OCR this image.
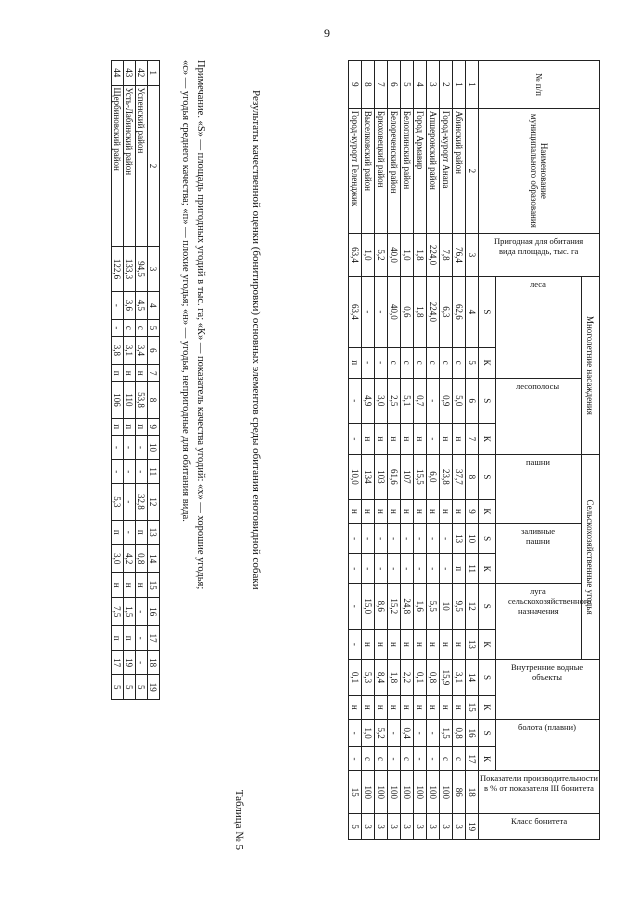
9
1	2	3	4	5	6	7	8	9	10	11	12	13	14	15	16	17	18	19
42	Успенский район	94,5	4,5	с	3,4	н	53,8	п	-	-	32,8	п	0,8	н	-	-	-	5
43	Усть-Лабинский район	133,3	3,6	с	3,1	н	110	п	-	-	-	-	4,2	н	1,5	п	19	5
44	Щербиновский район	122,6	-	-	3,8	п	106	п	-	-	5,3	п	3,0	н	7,5	п	17	5
Примечание. «S» — площадь пригодных угодий в тыс. га; «К» — показатель качества угодий: «х» — хорошие угодья;
«с» — угодья среднего качества; «п» — плохие угодья; «н» — угодья, непригодные для обитания вида.
Таблица № 5
Результаты качественной оценки (бонитировки) основных элементов среды обитания енотовидной собаки
№ п/п	Наименование муниципального образования	Пригодная для обитания вида площадь, тыс. га	Многолетние насаждения				Сельскохозяйственные угодья						Внутренние водные объекты		болота (плавни)		Показатели производительности в % от показателя III бонитета	Класс бонитета

			леса		лесополосы		пашни		заливные пашни		луга сельскохозяйственного назначения							

			S	К	S	К	S	К	S	К	S	К	S	К	S	К		
1	2	3	4	5	6	7	8	9	10	11	12	13	14	15	16	17	18	19
1	Абинский район	76,4	62,6	с	5,0	н	37,7	н	13	п	9,5	н	3,1	н	0,8	с	86	3
2	Город-курорт Анапа	7,8	6,3	с	0,9	н	23,8	н	-	-	10	н	15,9	н	1,5	с	100	3
3	Апшеронский район	224,0	224,0	с	-	-	6,0	н	-	-	5,5	н	0,8	н	-	-	100	3
4	Город Армавир	1,8	1,8	с	0,7	н	15,5	н	-	-	1,6	н	0,1	н	-	-	100	3
5	Белоглинский район	1,0	0,6	с	5,1	н	107	н	-	-	24,8	н	2,2	н	0,4	с	100	3
6	Белореченский район	40,0	40,0	с	2,5	н	61,6	н	-	-	15,2	н	1,8	н	-	-	100	3
7	Брюховецкий район	5,2	-	-	3,0	н	103	н	-	-	8,6	н	8,4	н	5,2	с	100	3
8	Выселковский район	1,0	-	-	4,9	н	134	н	-	-	15,0	н	5,3	н	1,0	с	100	3
9	Город-курорт Геленджик	63,4	63,4	п	-	-	10,0	н	-	-	-	-	0,1	н	-	-	15	5
